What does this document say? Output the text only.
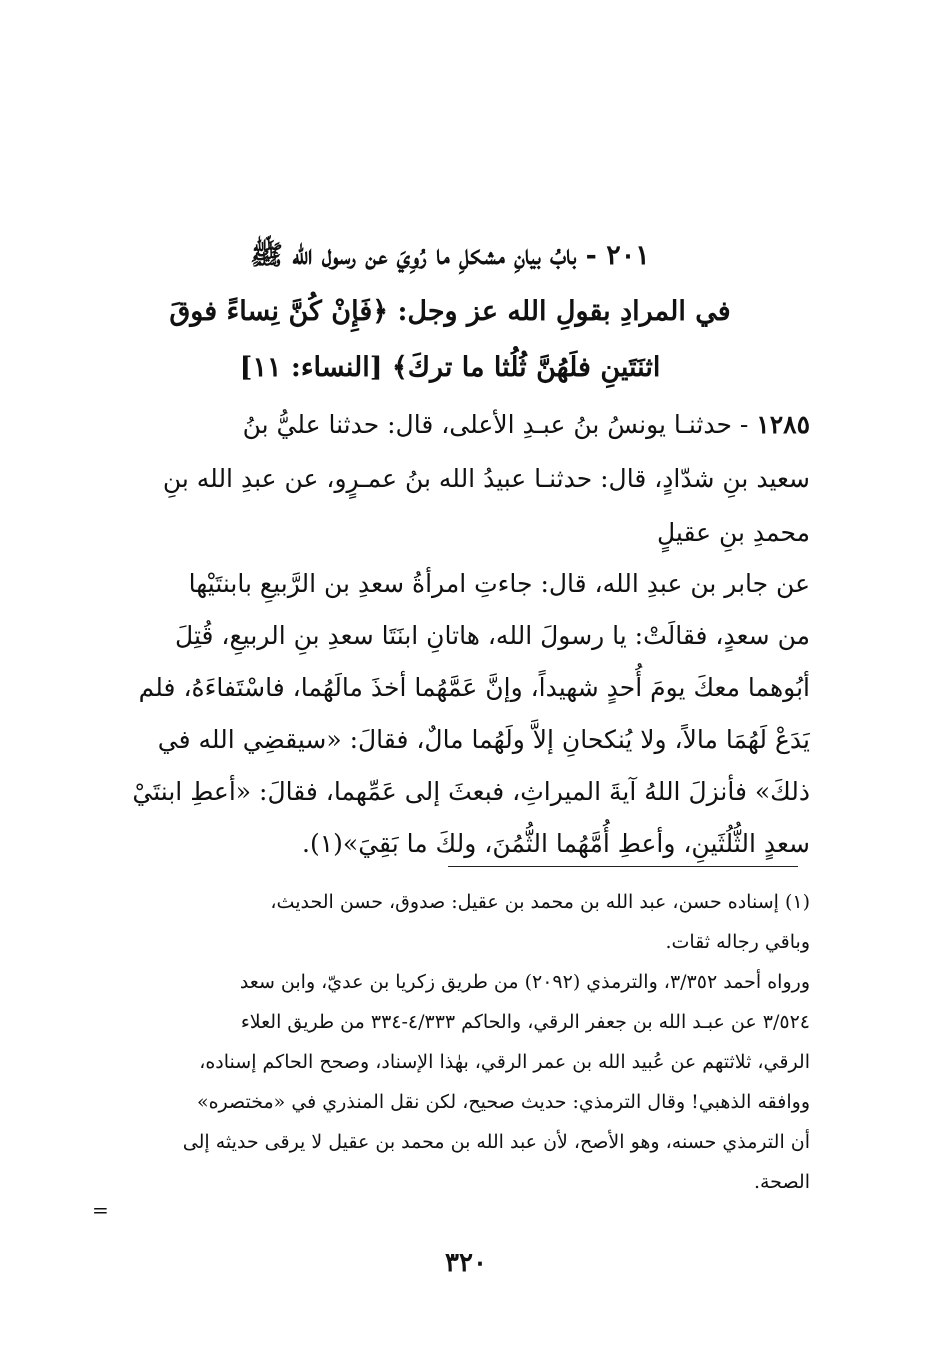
٢٠١ - بابُ بيانِ مشكلِ ما رُوِيَ عن رسول الله ﷺ
في المرادِ بقولِ الله عز وجل: ﴿فَإِنْ كُنَّ نِساءً فوقَ
اثنَتَينِ فلَهُنَّ ثُلُثا ما تركَ﴾ [النساء: ١١]
١٢٨٥ - حدثنـا يونسُ بنُ عبـدِ الأعلى، قال: حدثنا عليُّ بنُ
سعيد بنِ شدّادٍ، قال: حدثنـا عبيدُ الله بنُ عمـرٍو، عن عبدِ الله بنِ
محمدِ بنِ عقيلٍ
عن جابر بن عبدِ الله، قال: جاءتِ امرأةُ سعدِ بن الرَّبيعِ بابنتَيْها
من سعدٍ، فقالَتْ: يا رسولَ الله، هاتانِ ابنَتَا سعدِ بنِ الربيعِ، قُتِلَ
أبُوهما معكَ يومَ أُحدٍ شهيداً، وإنَّ عَمَّهُما أخذَ مالَهُما، فاسْتَفاءَهُ، فلم
يَدَعْ لَهُمَا مالاً، ولا يُنكحانِ إلاَّ ولَهُما مالٌ، فقالَ: «سيقضِي الله في
ذلكَ» فأنزلَ اللهُ آيةَ الميراثِ، فبعثَ إلى عَمِّهما، فقالَ: «أعطِ ابنتَيْ
سعدٍ الثُّلُثَينِ، وأعطِ أُمَّهُما الثُّمُنَ، ولكَ ما بَقِيَ»(١).
(١) إسناده حسن، عبد الله بن محمد بن عقيل: صدوق، حسن الحديث،
وباقي رجاله ثقات.
ورواه أحمد ٣/٣٥٢، والترمذي (٢٠٩٢) من طريق زكريا بن عديّ، وابن سعد
٣/٥٢٤ عن عبـد الله بن جعفر الرقي، والحاكم ٤/٣٣٣-٣٣٤ من طريق العلاء
الرقي، ثلاثتهم عن عُبيد الله بن عمر الرقي، بهٰذا الإسناد، وصحح الحاكم إسناده،
ووافقه الذهبي! وقال الترمذي: حديث صحيح، لكن نقل المنذري في «مختصره»
أن الترمذي حسنه، وهو الأصح، لأن عبد الله بن محمد بن عقيل لا يرقى حديثه إلى
الصحة.
=
٣٢٠
